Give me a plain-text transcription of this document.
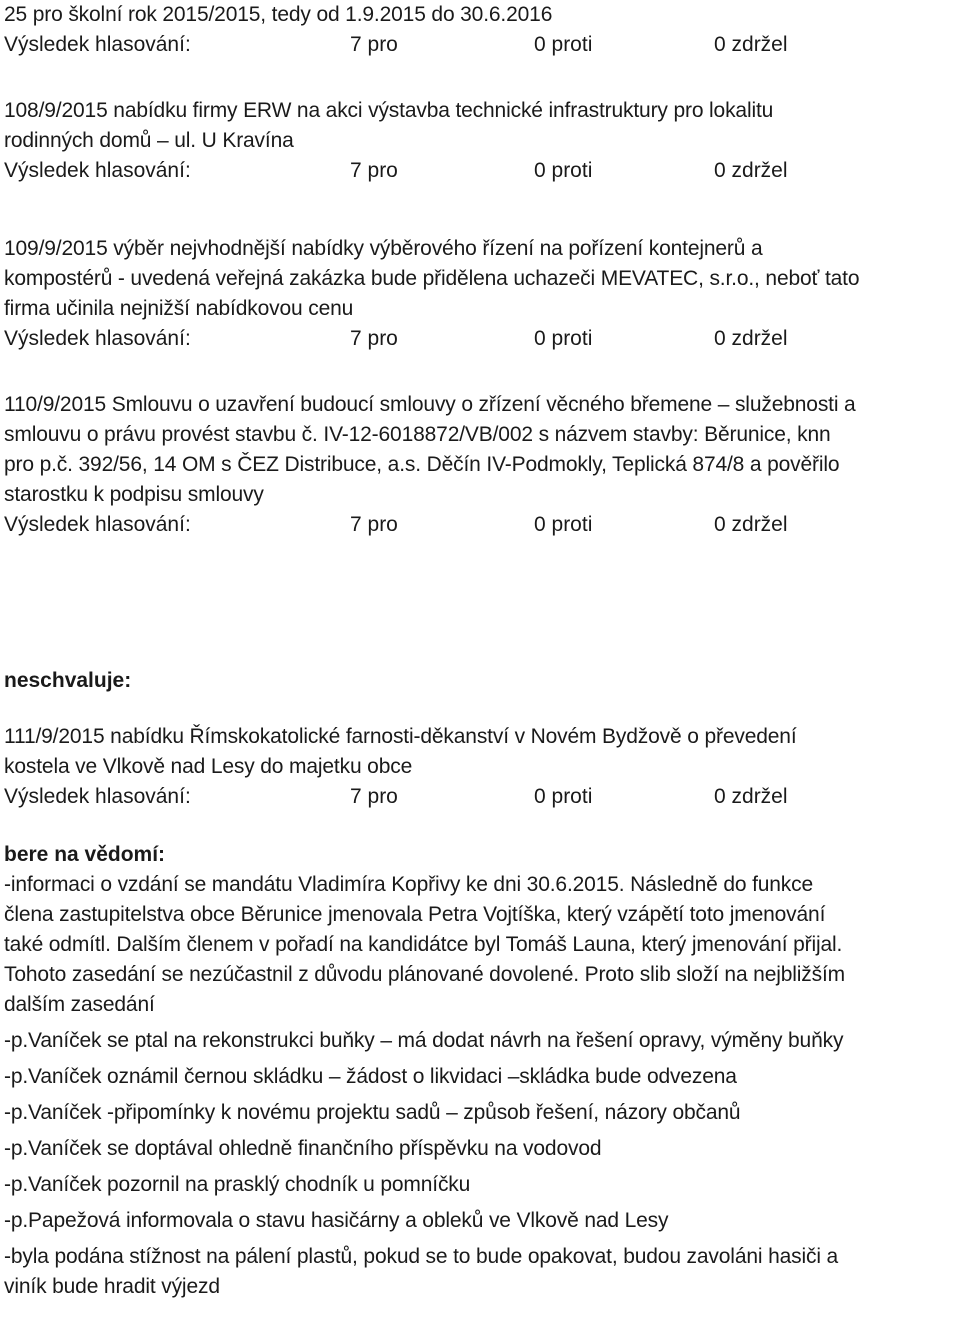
25 pro školní rok 2015/2015, tedy od 1.9.2015 do 30.6.2016
Výsledek hlasování:	7 pro	0 proti	0 zdržel
108/9/2015 nabídku firmy ERW na akci výstavba technické infrastruktury pro lokalitu
rodinných domů – ul. U Kravína
Výsledek hlasování:	7 pro	0 proti	0 zdržel
109/9/2015 výběr nejvhodnější nabídky výběrového řízení na pořízení kontejnerů a
kompostérů - uvedená veřejná zakázka bude přidělena uchazeči MEVATEC, s.r.o., neboť tato
firma učinila nejnižší nabídkovou cenu
Výsledek hlasování:	7 pro	0 proti	0 zdržel
110/9/2015 Smlouvu o uzavření budoucí smlouvy o zřízení věcného břemene – služebnosti a
smlouvu o právu provést stavbu č. IV-12-6018872/VB/002 s názvem stavby: Běrunice, knn
pro p.č. 392/56, 14 OM s ČEZ Distribuce, a.s. Děčín IV-Podmokly, Teplická 874/8 a pověřilo
starostku k podpisu smlouvy
Výsledek hlasování:	7 pro	0 proti	0 zdržel
neschvaluje:
111/9/2015 nabídku Římskokatolické farnosti-děkanství v Novém Bydžově o převedení
kostela ve Vlkově nad Lesy do majetku obce
Výsledek hlasování:	7 pro	0 proti	0 zdržel
bere na vědomí:
-informaci o vzdání se mandátu Vladimíra Kopřivy ke dni 30.6.2015. Následně do funkce
člena zastupitelstva obce Běrunice jmenovala Petra Vojtíška, který vzápětí toto jmenování
také odmítl. Dalším členem v pořadí na kandidátce byl Tomáš Launa, který jmenování přijal.
Tohoto zasedání se nezúčastnil z důvodu plánované dovolené. Proto slib složí na nejbližším
dalším zasedání
-p.Vaníček se ptal na rekonstrukci buňky – má dodat návrh na řešení opravy, výměny buňky
-p.Vaníček oznámil černou skládku – žádost o likvidaci –skládka bude odvezena
-p.Vaníček -připomínky k novému projektu sadů – způsob řešení, názory občanů
-p.Vaníček se doptával ohledně finančního příspěvku na vodovod
-p.Vaníček pozornil na prasklý chodník u pomníčku
-p.Papežová informovala o stavu hasičárny a obleků ve Vlkově nad Lesy
-byla podána stížnost na pálení plastů, pokud se to bude opakovat, budou zavoláni hasiči a
viník bude hradit výjezd
